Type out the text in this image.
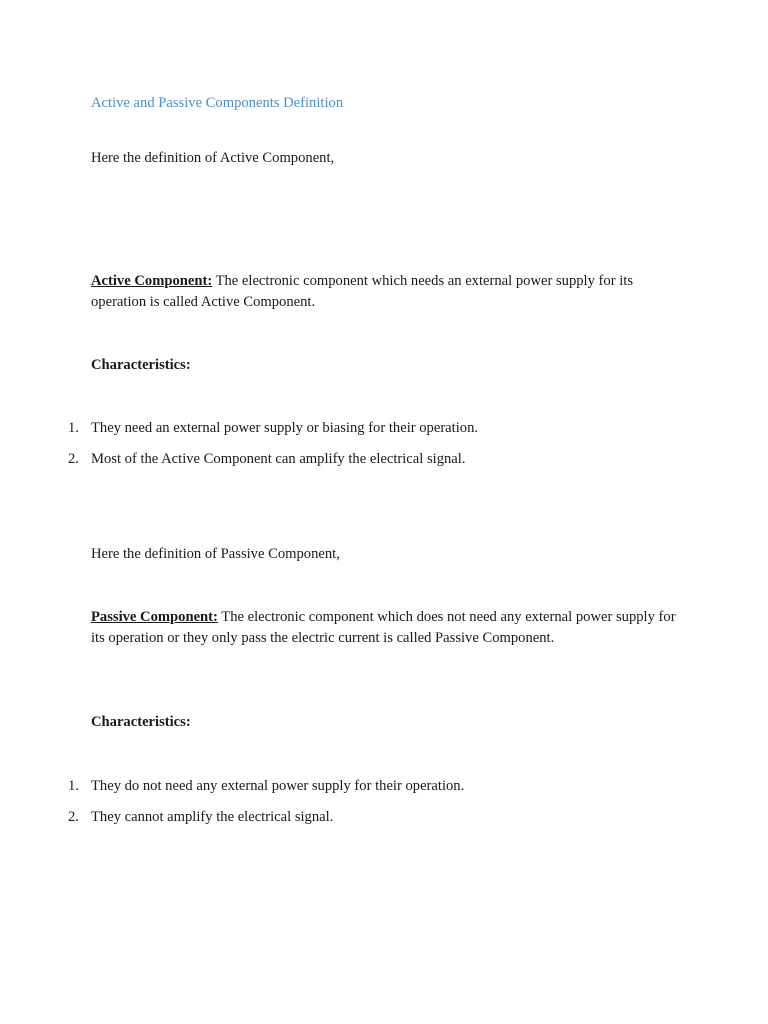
Active and Passive Components Definition
Here the definition of Active Component,
Active Component: The electronic component which needs an external power supply for its operation is called Active Component.
Characteristics:
1. They need an external power supply or biasing for their operation.
2. Most of the Active Component can amplify the electrical signal.
Here the definition of Passive Component,
Passive Component: The electronic component which does not need any external power supply for its operation or they only pass the electric current is called Passive Component.
Characteristics:
1. They do not need any external power supply for their operation.
2. They cannot amplify the electrical signal.
